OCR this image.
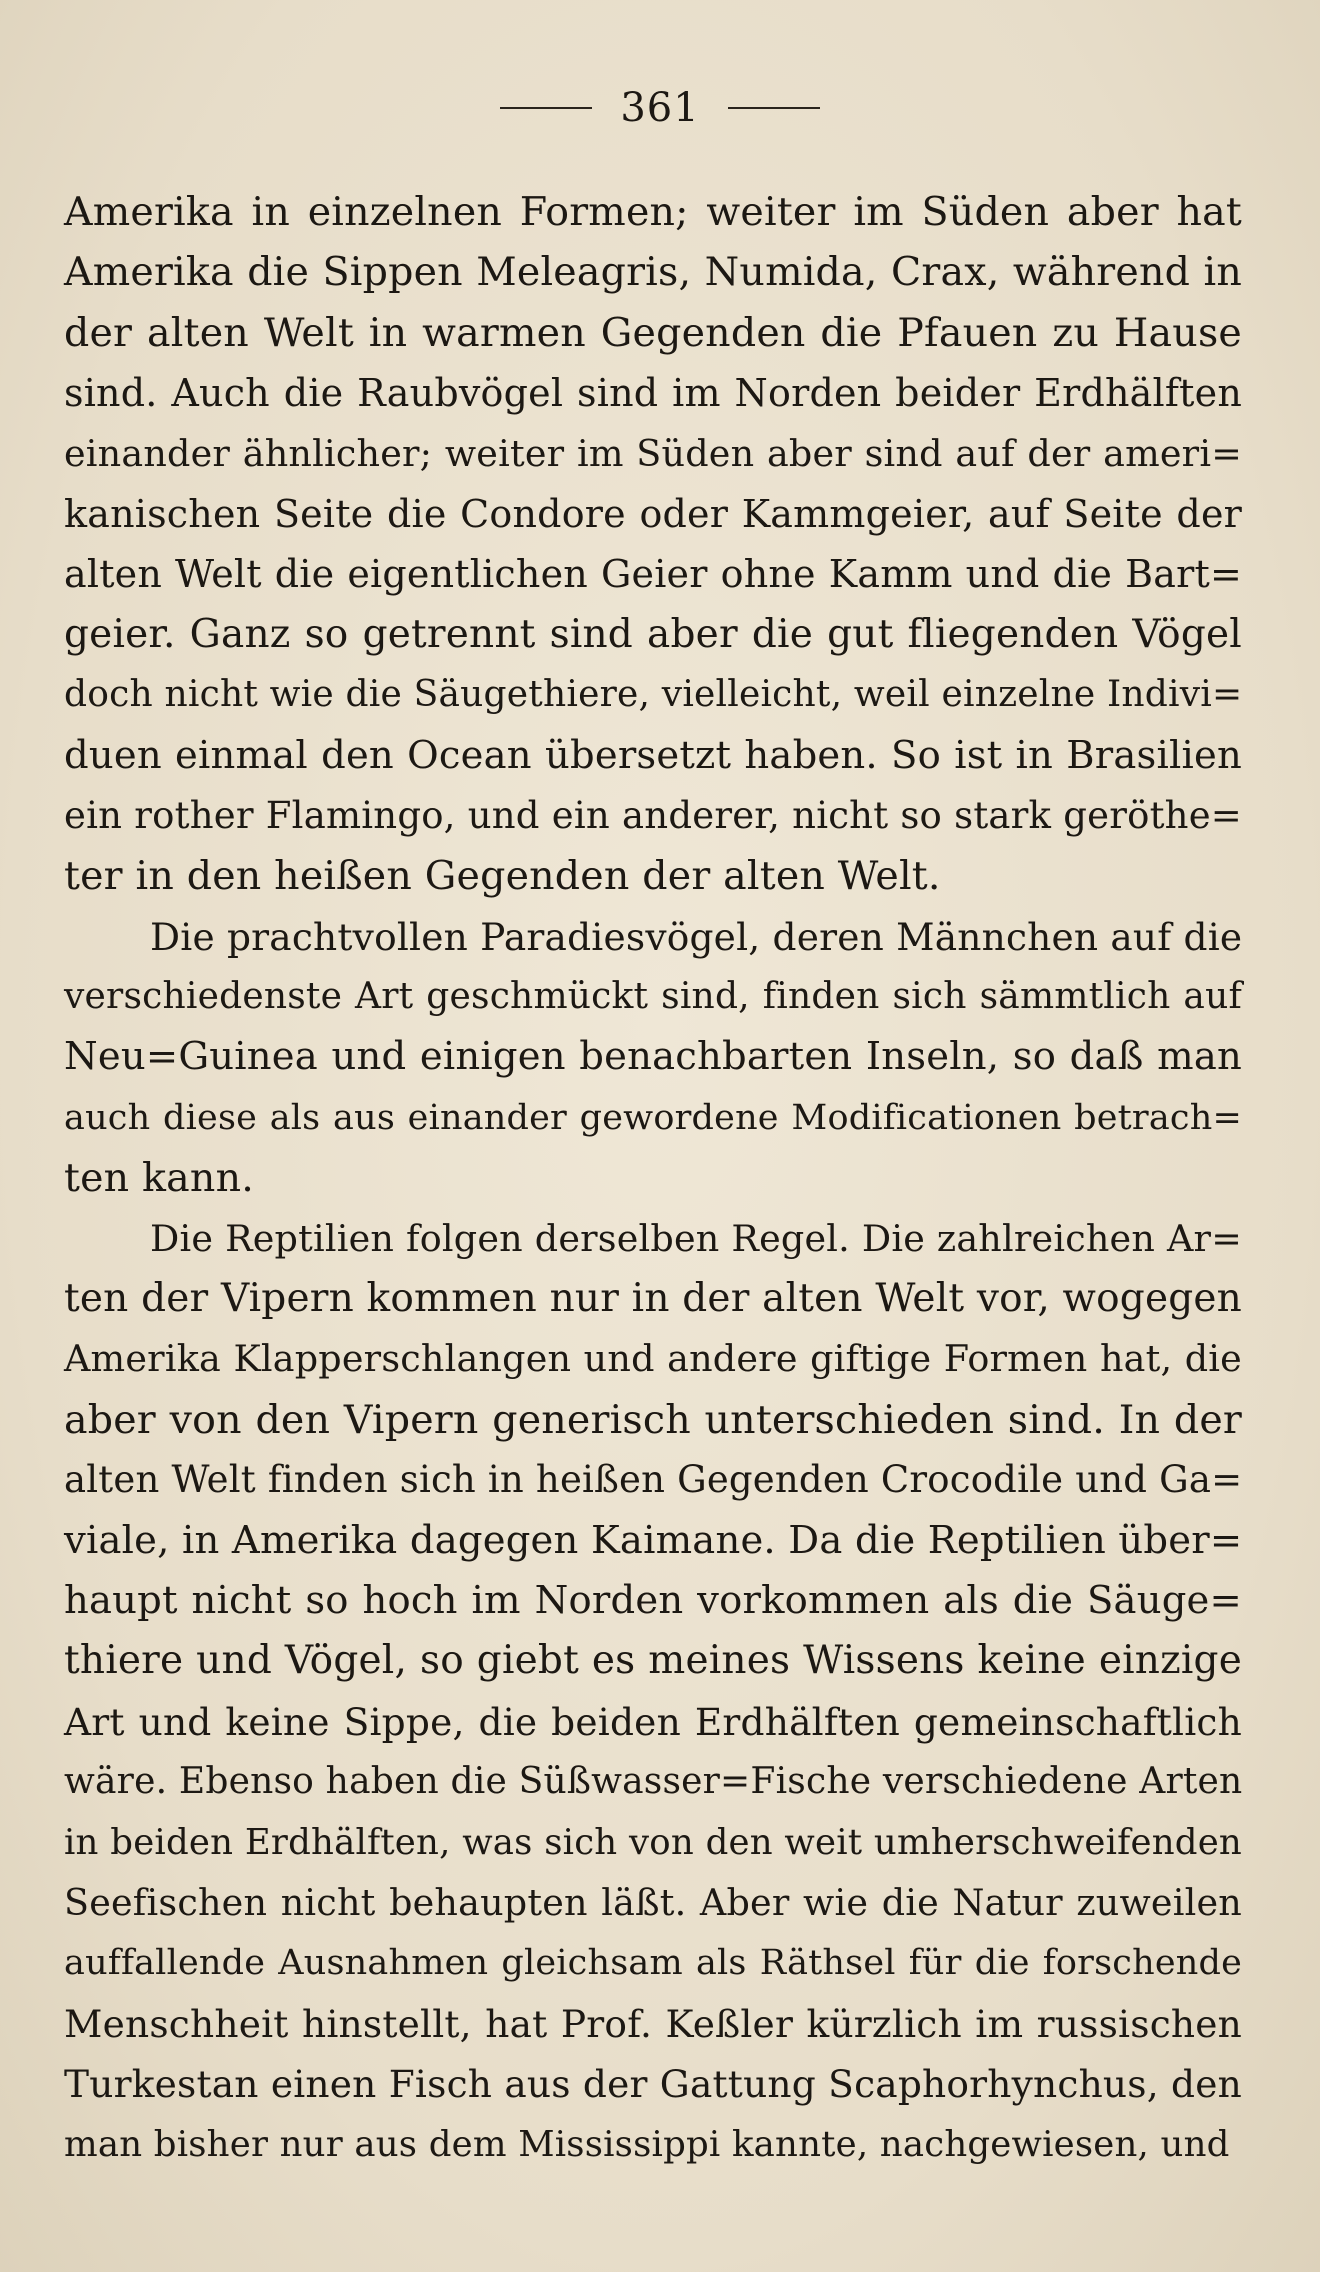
361
Amerika in einzelnen Formen; weiter im Süden aber hat
Amerika die Sippen Meleagris, Numida, Crax, während in
der alten Welt in warmen Gegenden die Pfauen zu Hause
sind. Auch die Raubvögel sind im Norden beider Erdhälften
einander ähnlicher; weiter im Süden aber sind auf der ameri=
kanischen Seite die Condore oder Kammgeier, auf Seite der
alten Welt die eigentlichen Geier ohne Kamm und die Bart=
geier. Ganz so getrennt sind aber die gut fliegenden Vögel
doch nicht wie die Säugethiere, vielleicht, weil einzelne Indivi=
duen einmal den Ocean übersetzt haben. So ist in Brasilien
ein rother Flamingo, und ein anderer, nicht so stark geröthe=
ter in den heißen Gegenden der alten Welt.
Die prachtvollen Paradiesvögel, deren Männchen auf die
verschiedenste Art geschmückt sind, finden sich sämmtlich auf
Neu=Guinea und einigen benachbarten Inseln, so daß man
auch diese als aus einander gewordene Modificationen betrach=
ten kann.
Die Reptilien folgen derselben Regel. Die zahlreichen Ar=
ten der Vipern kommen nur in der alten Welt vor, wogegen
Amerika Klapperschlangen und andere giftige Formen hat, die
aber von den Vipern generisch unterschieden sind. In der
alten Welt finden sich in heißen Gegenden Crocodile und Ga=
viale, in Amerika dagegen Kaimane. Da die Reptilien über=
haupt nicht so hoch im Norden vorkommen als die Säuge=
thiere und Vögel, so giebt es meines Wissens keine einzige
Art und keine Sippe, die beiden Erdhälften gemeinschaftlich
wäre. Ebenso haben die Süßwasser=Fische verschiedene Arten
in beiden Erdhälften, was sich von den weit umherschweifenden
Seefischen nicht behaupten läßt. Aber wie die Natur zuweilen
auffallende Ausnahmen gleichsam als Räthsel für die forschende
Menschheit hinstellt, hat Prof. Keßler kürzlich im russischen
Turkestan einen Fisch aus der Gattung Scaphorhynchus, den
man bisher nur aus dem Mississippi kannte, nachgewiesen, und
